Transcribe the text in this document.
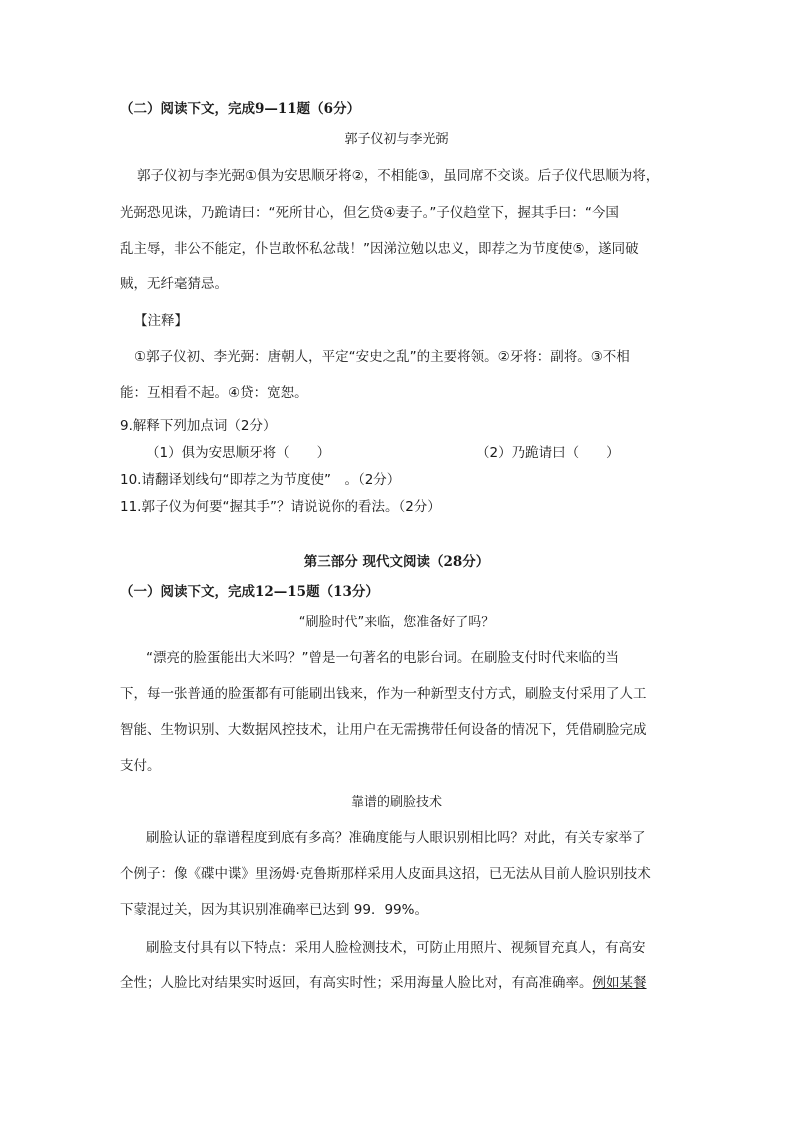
（二）阅读下文，完成9—11题（6分）
郭子仪初与李光弼
郭子仪初与李光弼①俱为安思顺牙将②，不相能③，虽同席不交谈。后子仪代思顺为将，
光弼恐见诛，乃跪请曰：“死所甘心，但乞贷④妻子。”子仪趋堂下，握其手曰：“今国
乱主辱，非公不能定，仆岂敢怀私忿哉！”因涕泣勉以忠义，即荐之为节度使⑤，遂同破
贼，无纤毫猜忌。
【注释】
①郭子仪初、李光弼：唐朝人，平定“安史之乱”的主要将领。②牙将：副将。③不相
能：互相看不起。④贷：宽恕。
9.解释下列加点词（2分）
（1）俱为安思顺牙将（　　）	（2）乃跪请曰（　　）
10.请翻译划线句“即荐之为节度使”　。（2分）
11.郭子仪为何要“握其手”？请说说你的看法。（2分）
第三部分 现代文阅读（28分）
（一）阅读下文，完成12—15题（13分）
“刷脸时代”来临，您准备好了吗？
“漂亮的脸蛋能出大米吗？”曾是一句著名的电影台词。在刷脸支付时代来临的当
下，每一张普通的脸蛋都有可能刷出钱来，作为一种新型支付方式，刷脸支付采用了人工
智能、生物识别、大数据风控技术，让用户在无需携带任何设备的情况下，凭借刷脸完成
支付。
靠谱的刷脸技术
刷脸认证的靠谱程度到底有多高？准确度能与人眼识别相比吗？对此，有关专家举了
个例子：像《碟中谍》里汤姆·克鲁斯那样采用人皮面具这招，已无法从目前人脸识别技术
下蒙混过关，因为其识别准确率已达到 99．99%。
刷脸支付具有以下特点：采用人脸检测技术，可防止用照片、视频冒充真人，有高安
全性；人脸比对结果实时返回，有高实时性；采用海量人脸比对，有高准确率。例如某餐
